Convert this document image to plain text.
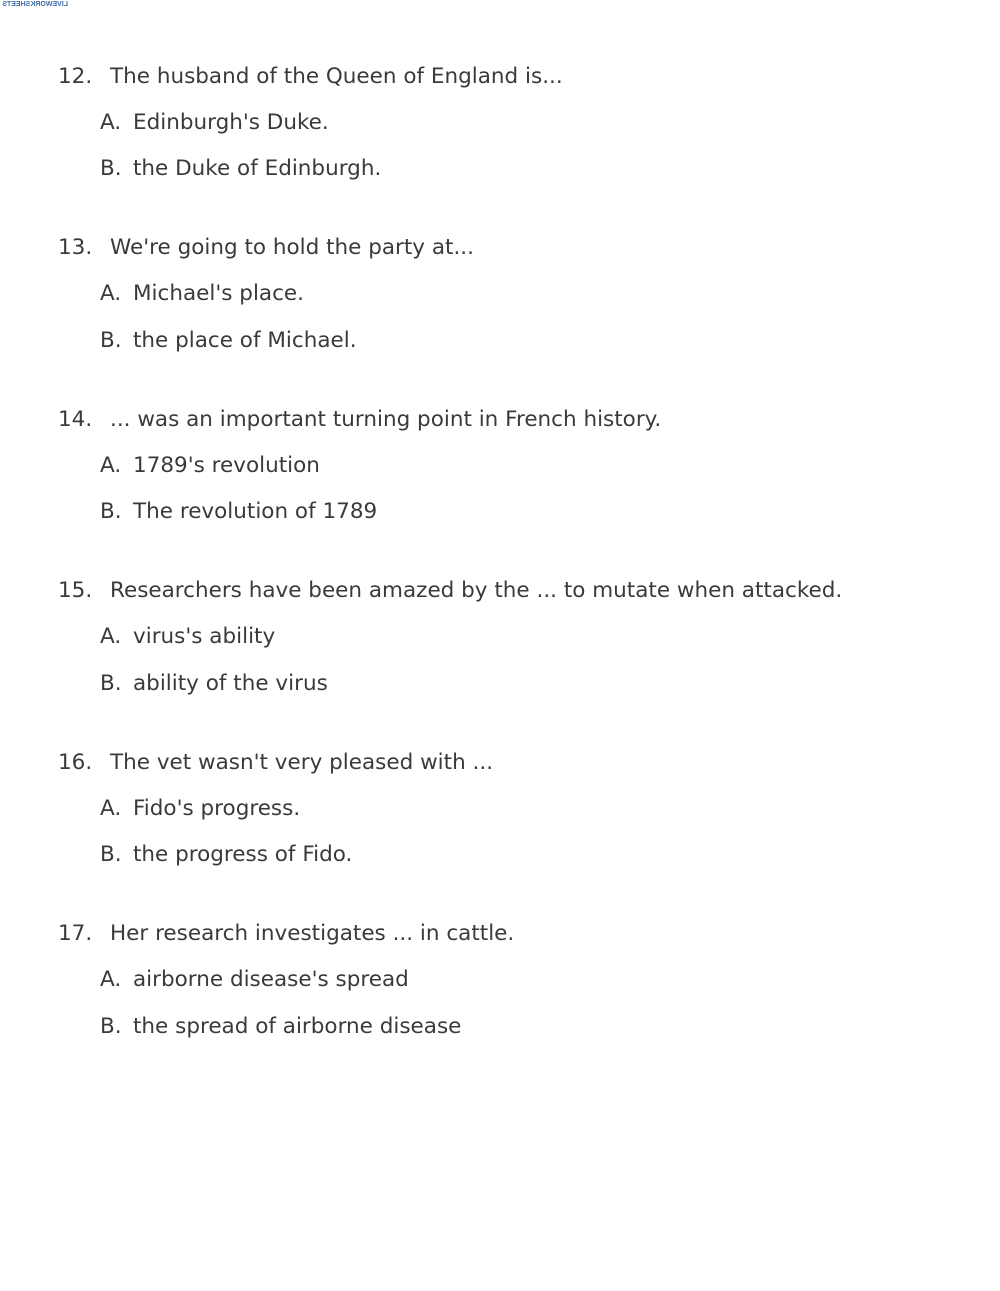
LIVEWORKSHEETS
12. The husband of the Queen of England is...
A. Edinburgh's Duke.
B. the Duke of Edinburgh.
13. We're going to hold the party at...
A. Michael's place.
B. the place of Michael.
14. ... was an important turning point in French history.
A. 1789's revolution
B. The revolution of 1789
15. Researchers have been amazed by the ... to mutate when attacked.
A. virus's ability
B. ability of the virus
16. The vet wasn't very pleased with ...
A. Fido's progress.
B. the progress of Fido.
17. Her research investigates ... in cattle.
A. airborne disease's spread
B. the spread of airborne disease
